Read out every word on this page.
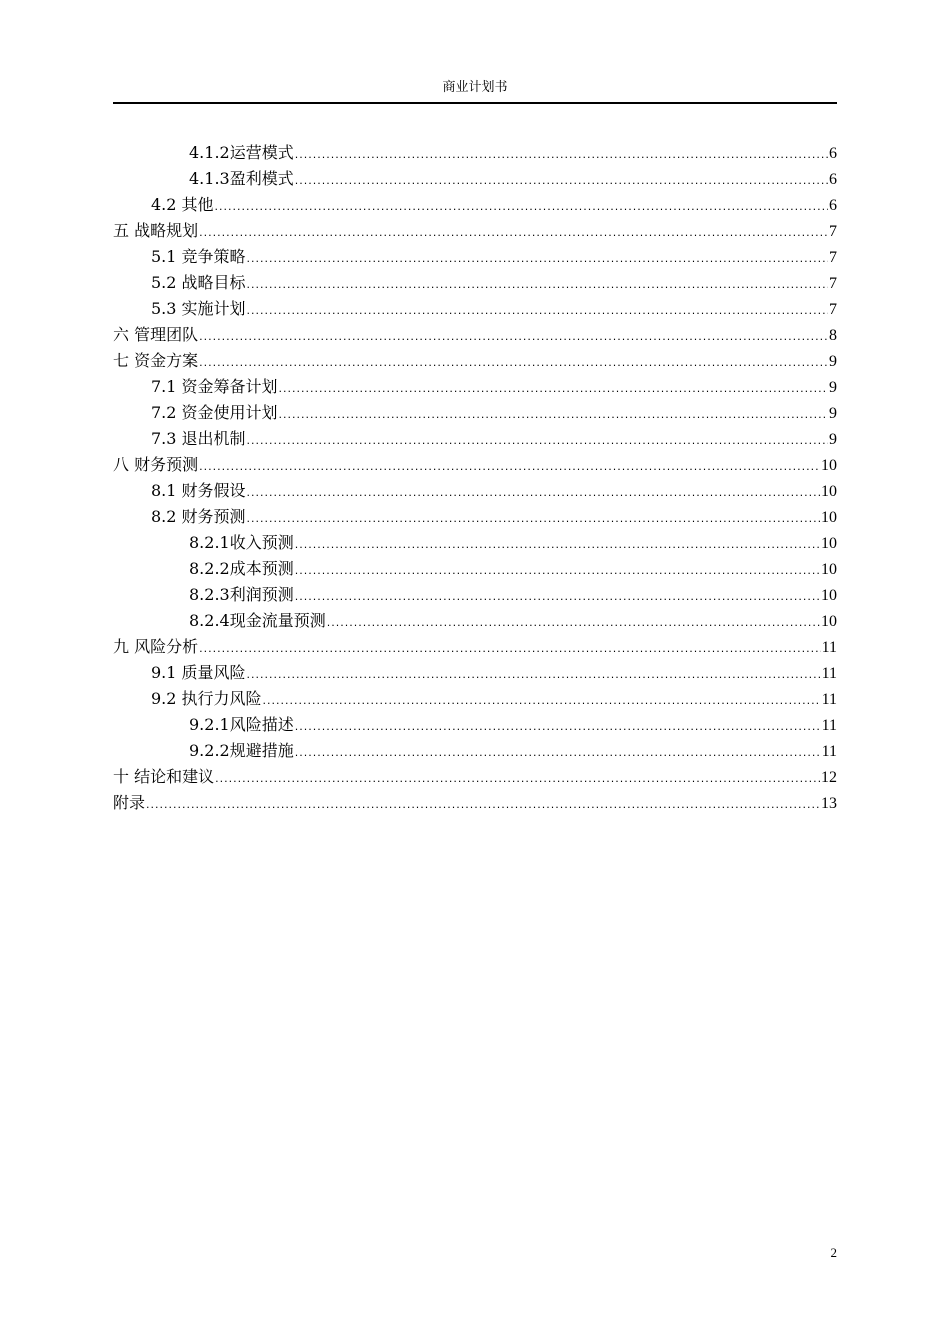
商业计划书
4.1.2运营模式 .....	6
4.1.3盈利模式 .....	6
4.2 其他 .....	6
五 战略规划 .....	7
5.1 竞争策略 .....	7
5.2 战略目标 .....	7
5.3 实施计划 .....	7
六 管理团队 .....	8
七 资金方案 .....	9
7.1 资金筹备计划 .....	9
7.2 资金使用计划 .....	9
7.3 退出机制 .....	9
八 财务预测 .....	10
8.1 财务假设 .....	10
8.2 财务预测 .....	10
8.2.1收入预测 .....	10
8.2.2成本预测 .....	10
8.2.3利润预测 .....	10
8.2.4现金流量预测 .....	10
九 风险分析 .....	11
9.1 质量风险 .....	11
9.2 执行力风险 .....	11
9.2.1风险描述 .....	11
9.2.2规避措施 .....	11
十 结论和建议 .....	12
附录 .....	13
2
